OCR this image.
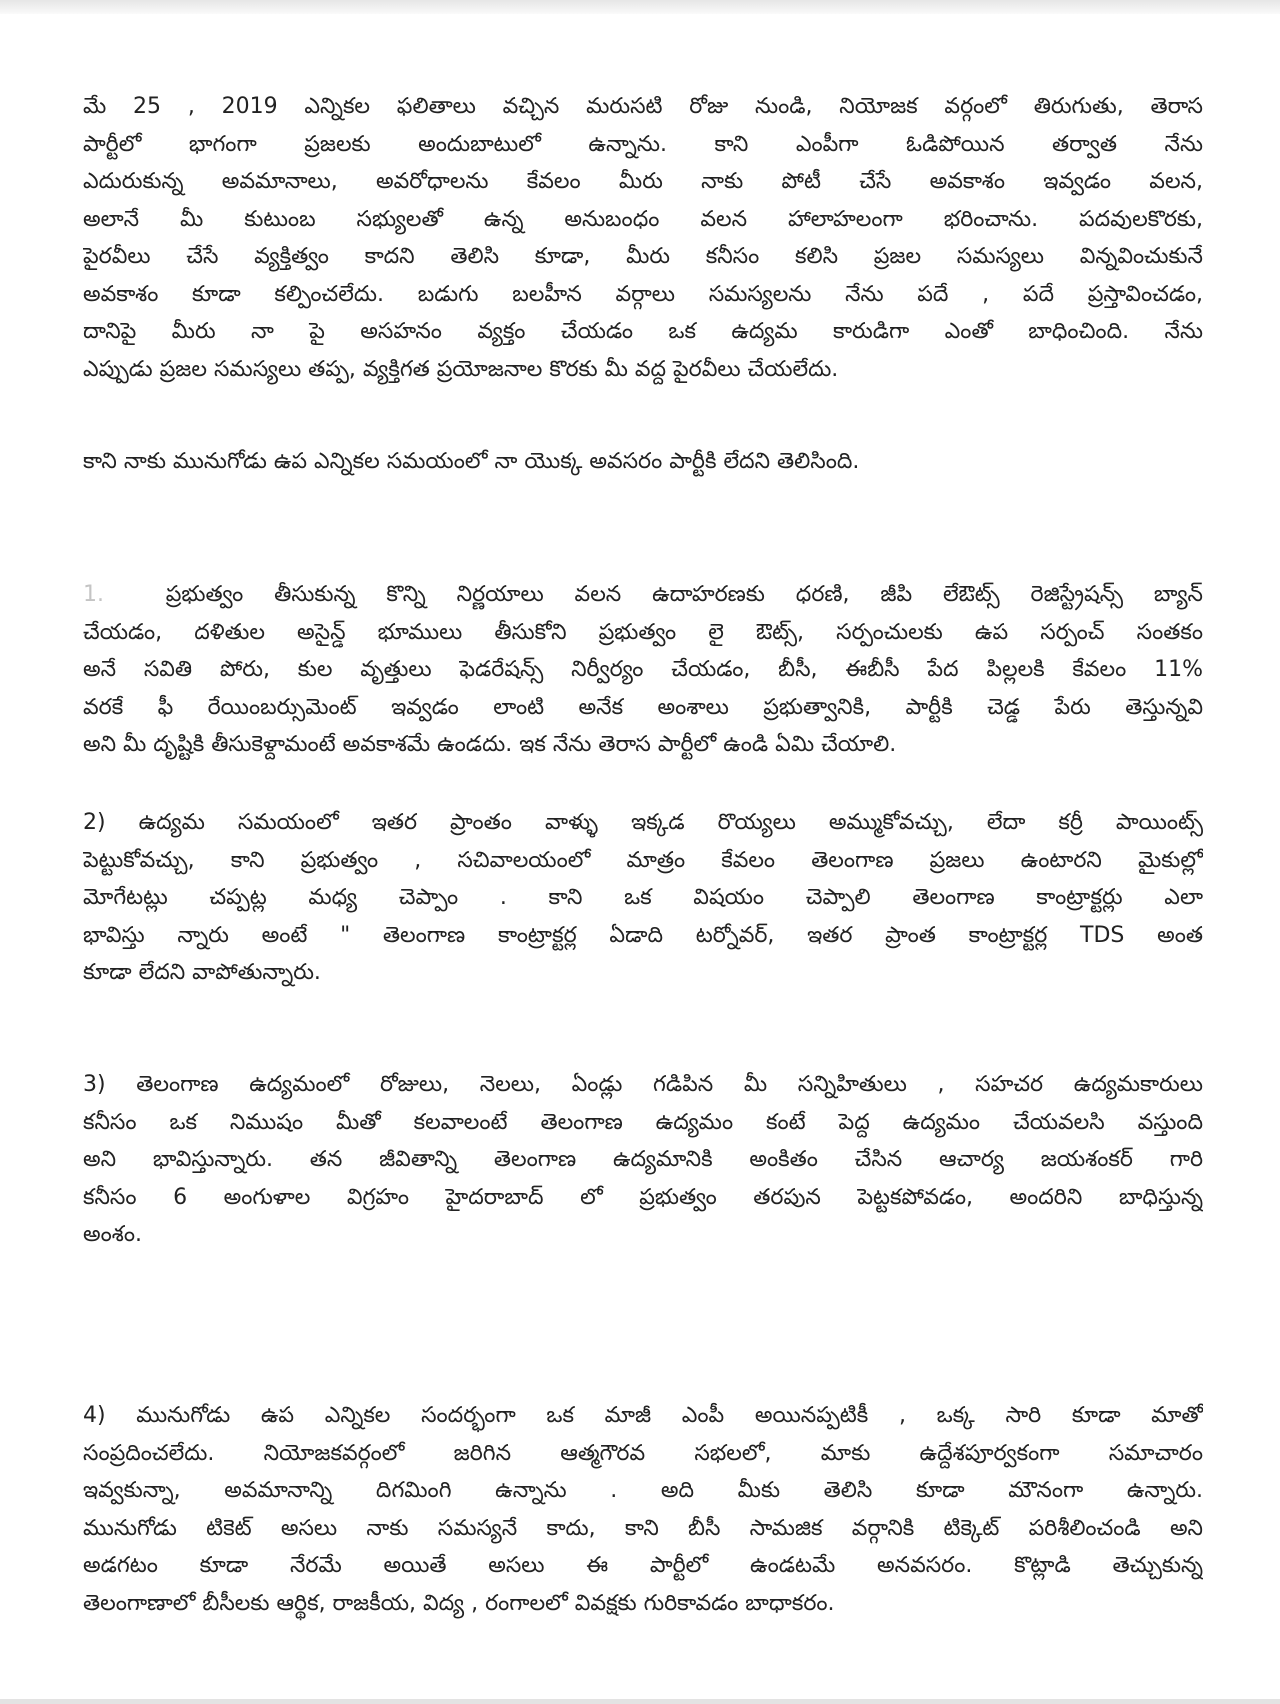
మే 25 , 2019 ఎన్నికల ఫలితాలు వచ్చిన మరుసటి రోజు నుండి, నియోజక వర్గంలో తిరుగుతు, తెరాస
పార్టీలో భాగంగా ప్రజలకు అందుబాటులో ఉన్నాను. కాని ఎంపీగా ఓడిపోయిన తర్వాత నేను
ఎదురుకున్న అవమానాలు, అవరోధాలను కేవలం మీరు నాకు పోటీ చేసే అవకాశం ఇవ్వడం వలన,
అలానే మీ కుటుంబ సభ్యులతో ఉన్న అనుబంధం వలన హాలాహలంగా భరించాను. పదవులకొరకు,
పైరవీలు చేసే వ్యక్తిత్వం కాదని తెలిసి కూడా, మీరు కనీసం కలిసి ప్రజల సమస్యలు విన్నవించుకునే
అవకాశం కూడా కల్పించలేదు. బడుగు బలహీన వర్గాలు సమస్యలను నేను పదే , పదే ప్రస్తావించడం,
దానిపై మీరు నా పై అసహనం వ్యక్తం చేయడం ఒక ఉద్యమ కారుడిగా ఎంతో బాధించింది. నేను
ఎప్పుడు ప్రజల సమస్యలు తప్ప, వ్యక్తిగత ప్రయోజనాల కొరకు మీ వద్ద పైరవీలు చేయలేదు.
కాని నాకు మునుగోడు ఉప ఎన్నికల సమయంలో నా యొక్క అవసరం పార్టీకి లేదని తెలిసింది.
1.	ప్రభుత్వం తీసుకున్న కొన్ని నిర్ణయాలు వలన ఉదాహరణకు ధరణి, జీపి లేఔట్స్ రెజిస్ట్రేషన్స్ బ్యాన్
చేయడం, దళితుల అసైన్డ్ భూములు తీసుకోని ప్రభుత్వం లై ఔట్స్, సర్పంచులకు ఉప సర్పంచ్ సంతకం
అనే సవితి పోరు, కుల వృత్తులు ఫెడరేషన్స్ నిర్వీర్యం చేయడం, బీసీ, ఈబీసీ పేద పిల్లలకి కేవలం 11%
వరకే ఫీ రేయింబర్సుమెంట్ ఇవ్వడం లాంటి అనేక అంశాలు ప్రభుత్వానికి, పార్టీకి చెడ్డ పేరు తెస్తున్నవి
అని మీ దృష్టికి తీసుకెళ్దామంటే అవకాశమే ఉండదు. ఇక నేను తెరాస పార్టీలో ఉండి ఏమి చేయాలి.
2) ఉద్యమ సమయంలో ఇతర ప్రాంతం వాళ్ళు ఇక్కడ రొయ్యలు అమ్ముకోవచ్చు, లేదా కర్రీ పాయింట్స్
పెట్టుకోవచ్చు, కాని ప్రభుత్వం , సచివాలయంలో మాత్రం కేవలం తెలంగాణ ప్రజలు ఉంటారని మైకుల్లో
మోగేటట్లు చప్పట్ల మధ్య చెప్పాం . కాని ఒక విషయం చెప్పాలి తెలంగాణ కాంట్రాక్టర్లు ఎలా
భావిస్తు న్నారు అంటే " తెలంగాణ కాంట్రాక్టర్ల ఏడాది టర్నోవర్, ఇతర ప్రాంత కాంట్రాక్టర్ల TDS అంత
కూడా లేదని వాపోతున్నారు.
3) తెలంగాణ ఉద్యమంలో రోజులు, నెలలు, ఏండ్లు గడిపిన మీ సన్నిహితులు , సహచర ఉద్యమకారులు
కనీసం ఒక నిముషం మీతో కలవాలంటే తెలంగాణ ఉద్యమం కంటే పెద్ద ఉద్యమం చేయవలసి వస్తుంది
అని భావిస్తున్నారు. తన జీవితాన్ని తెలంగాణ ఉద్యమానికి అంకితం చేసిన ఆచార్య జయశంకర్ గారి
కనీసం 6 అంగుళాల విగ్రహం హైదరాబాద్ లో ప్రభుత్వం తరపున పెట్టకపోవడం, అందరిని బాధిస్తున్న
అంశం.
4) మునుగోడు ఉప ఎన్నికల సందర్భంగా ఒక మాజీ ఎంపీ అయినప్పటికీ , ఒక్క సారి కూడా మాతో
సంప్రదించలేదు. నియోజకవర్గంలో జరిగిన ఆత్మగౌరవ సభలలో, మాకు ఉద్దేశపూర్వకంగా సమాచారం
ఇవ్వకున్నా, అవమానాన్ని దిగమింగి ఉన్నాను . అది మీకు తెలిసి కూడా మౌనంగా ఉన్నారు.
మునుగోడు టికెట్ అసలు నాకు సమస్యనే కాదు, కాని బీసీ సామజిక వర్గానికి టిక్కెట్ పరిశీలించండి అని
అడగటం కూడా నేరమే అయితే అసలు ఈ పార్టీలో ఉండటమే అనవసరం. కొట్లాడి తెచ్చుకున్న
తెలంగాణాలో బీసీలకు ఆర్థిక, రాజకీయ, విద్య , రంగాలలో వివక్షకు గురికావడం బాధాకరం.
